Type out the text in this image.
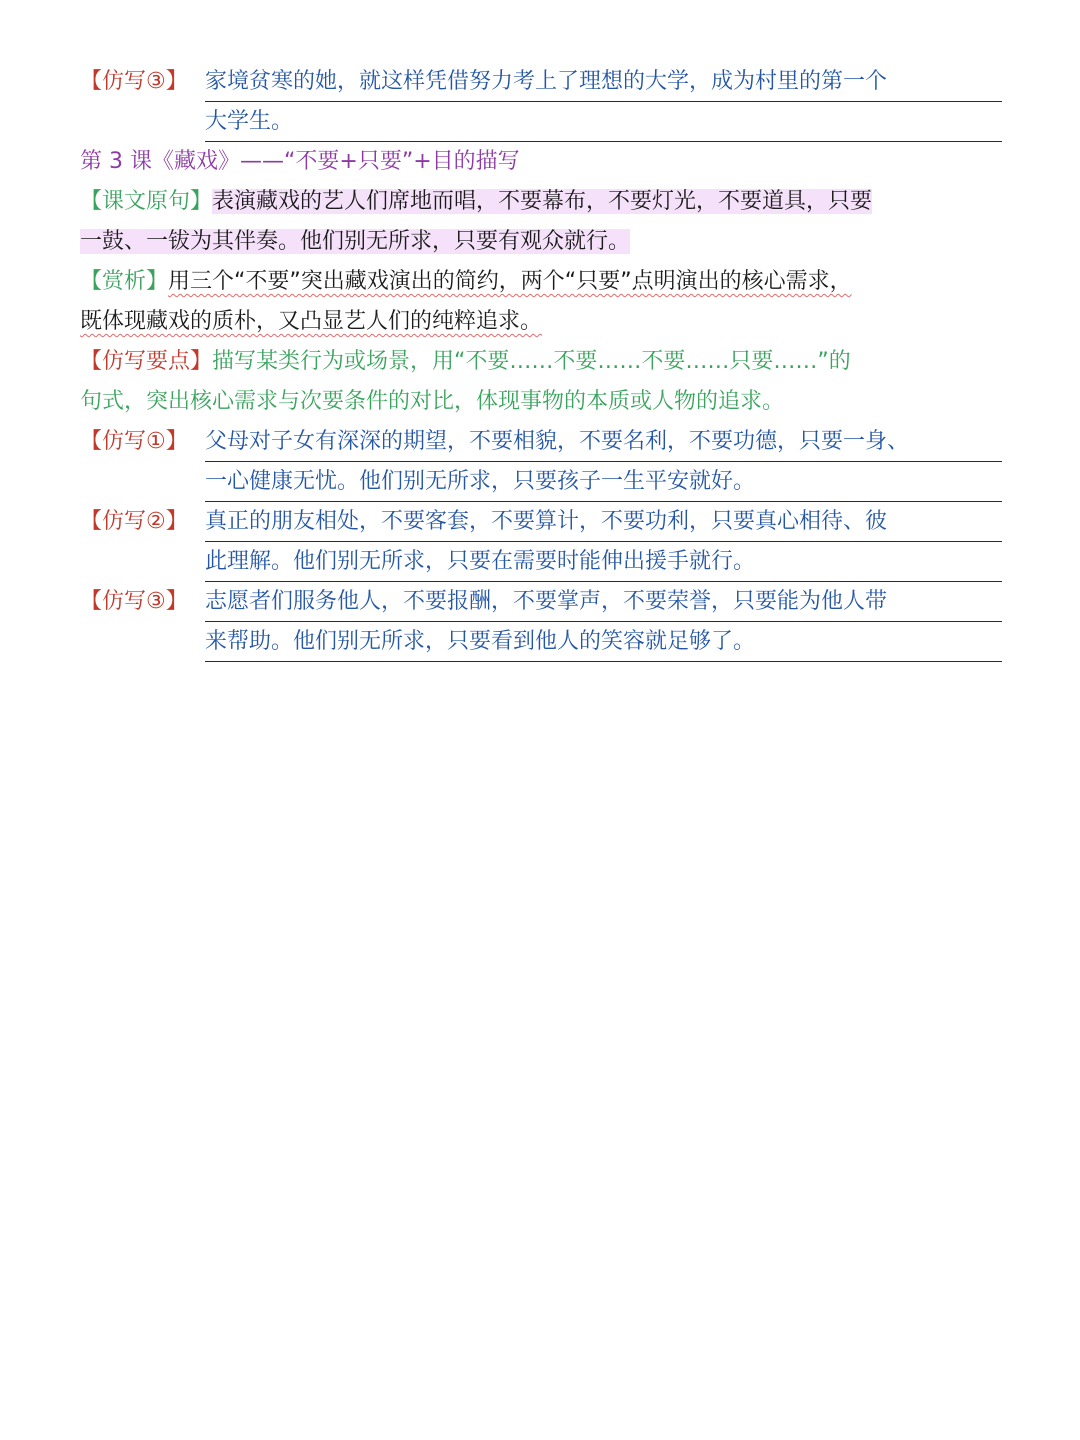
【仿写③】 家境贫寒的她，就这样凭借努力考上了理想的大学，成为村里的第一个
大学生。
第 3 课《藏戏》——“不要+只要”+目的描写
【课文原句】表演藏戏的艺人们席地而唱，不要幕布，不要灯光，不要道具，只要
一鼓、一钹为其伴奏。他们别无所求，只要有观众就行。
【赏析】用三个“不要”突出藏戏演出的简约，两个“只要”点明演出的核心需求，
既体现藏戏的质朴，又凸显艺人们的纯粹追求。
【仿写要点】描写某类行为或场景，用“不要……不要……不要……只要……”的
句式，突出核心需求与次要条件的对比，体现事物的本质或人物的追求。
【仿写①】 父母对子女有深深的期望，不要相貌，不要名利，不要功德，只要一身、
一心健康无忧。他们别无所求，只要孩子一生平安就好。
【仿写②】 真正的朋友相处，不要客套，不要算计，不要功利，只要真心相待、彼
此理解。他们别无所求，只要在需要时能伸出援手就行。
【仿写③】 志愿者们服务他人，不要报酬，不要掌声，不要荣誉，只要能为他人带
来帮助。他们别无所求，只要看到他人的笑容就足够了。
